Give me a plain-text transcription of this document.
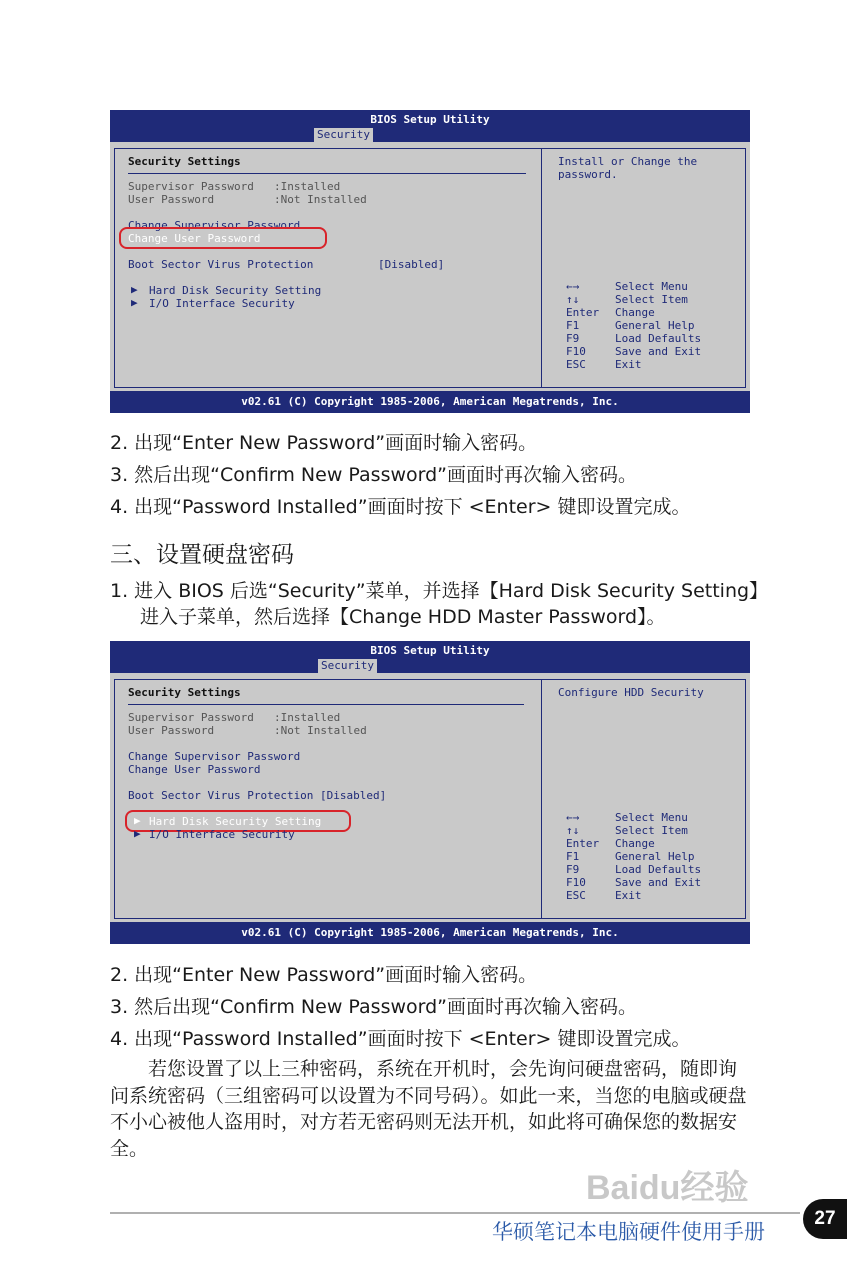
BIOS Setup Utility
Security
Security Settings
Supervisor Password :Installed
User Password	:Not Installed
Change Supervisor Password
Change User Password
Boot Sector Virus Protection	[Disabled]
▶ Hard Disk Security Setting
▶ I/O Interface Security
Install or Change the password.
←→	Select Menu
↑↓	Select Item
Enter Change
F1	General Help
F9	Load Defaults
F10	Save and Exit
ESC	Exit
v02.61 (C) Copyright 1985-2006, American Megatrends, Inc.
2. 出现“Enter New Password”画面时输入密码。
3. 然后出现“Confirm New Password”画面时再次输入密码。
4. 出现“Password Installed”画面时按下 <Enter> 键即设置完成。
三、设置硬盘密码
1. 进入 BIOS 后选“Security”菜单，并选择【Hard Disk Security Setting】
进入子菜单，然后选择【Change HDD Master Password】。
BIOS Setup Utility
Security
Security Settings
Supervisor Password :Installed
User Password	:Not Installed
Change Supervisor Password
Change User Password
Boot Sector Virus Protection [Disabled]
▶ Hard Disk Security Setting
▶ I/O Interface Security
Configure HDD Security
←→	Select Menu
↑↓	Select Item
Enter Change
F1	General Help
F9	Load Defaults
F10	Save and Exit
ESC	Exit
v02.61 (C) Copyright 1985-2006, American Megatrends, Inc.
2. 出现“Enter New Password”画面时输入密码。
3. 然后出现“Confirm New Password”画面时再次输入密码。
4. 出现“Password Installed”画面时按下 <Enter> 键即设置完成。
若您设置了以上三种密码，系统在开机时，会先询问硬盘密码，随即询问系统密码（三组密码可以设置为不同号码）。如此一来，当您的电脑或硬盘不小心被他人盗用时，对方若无密码则无法开机，如此将可确保您的数据安全。
Baidu经验
华硕笔记本电脑硬件使用手册
27
